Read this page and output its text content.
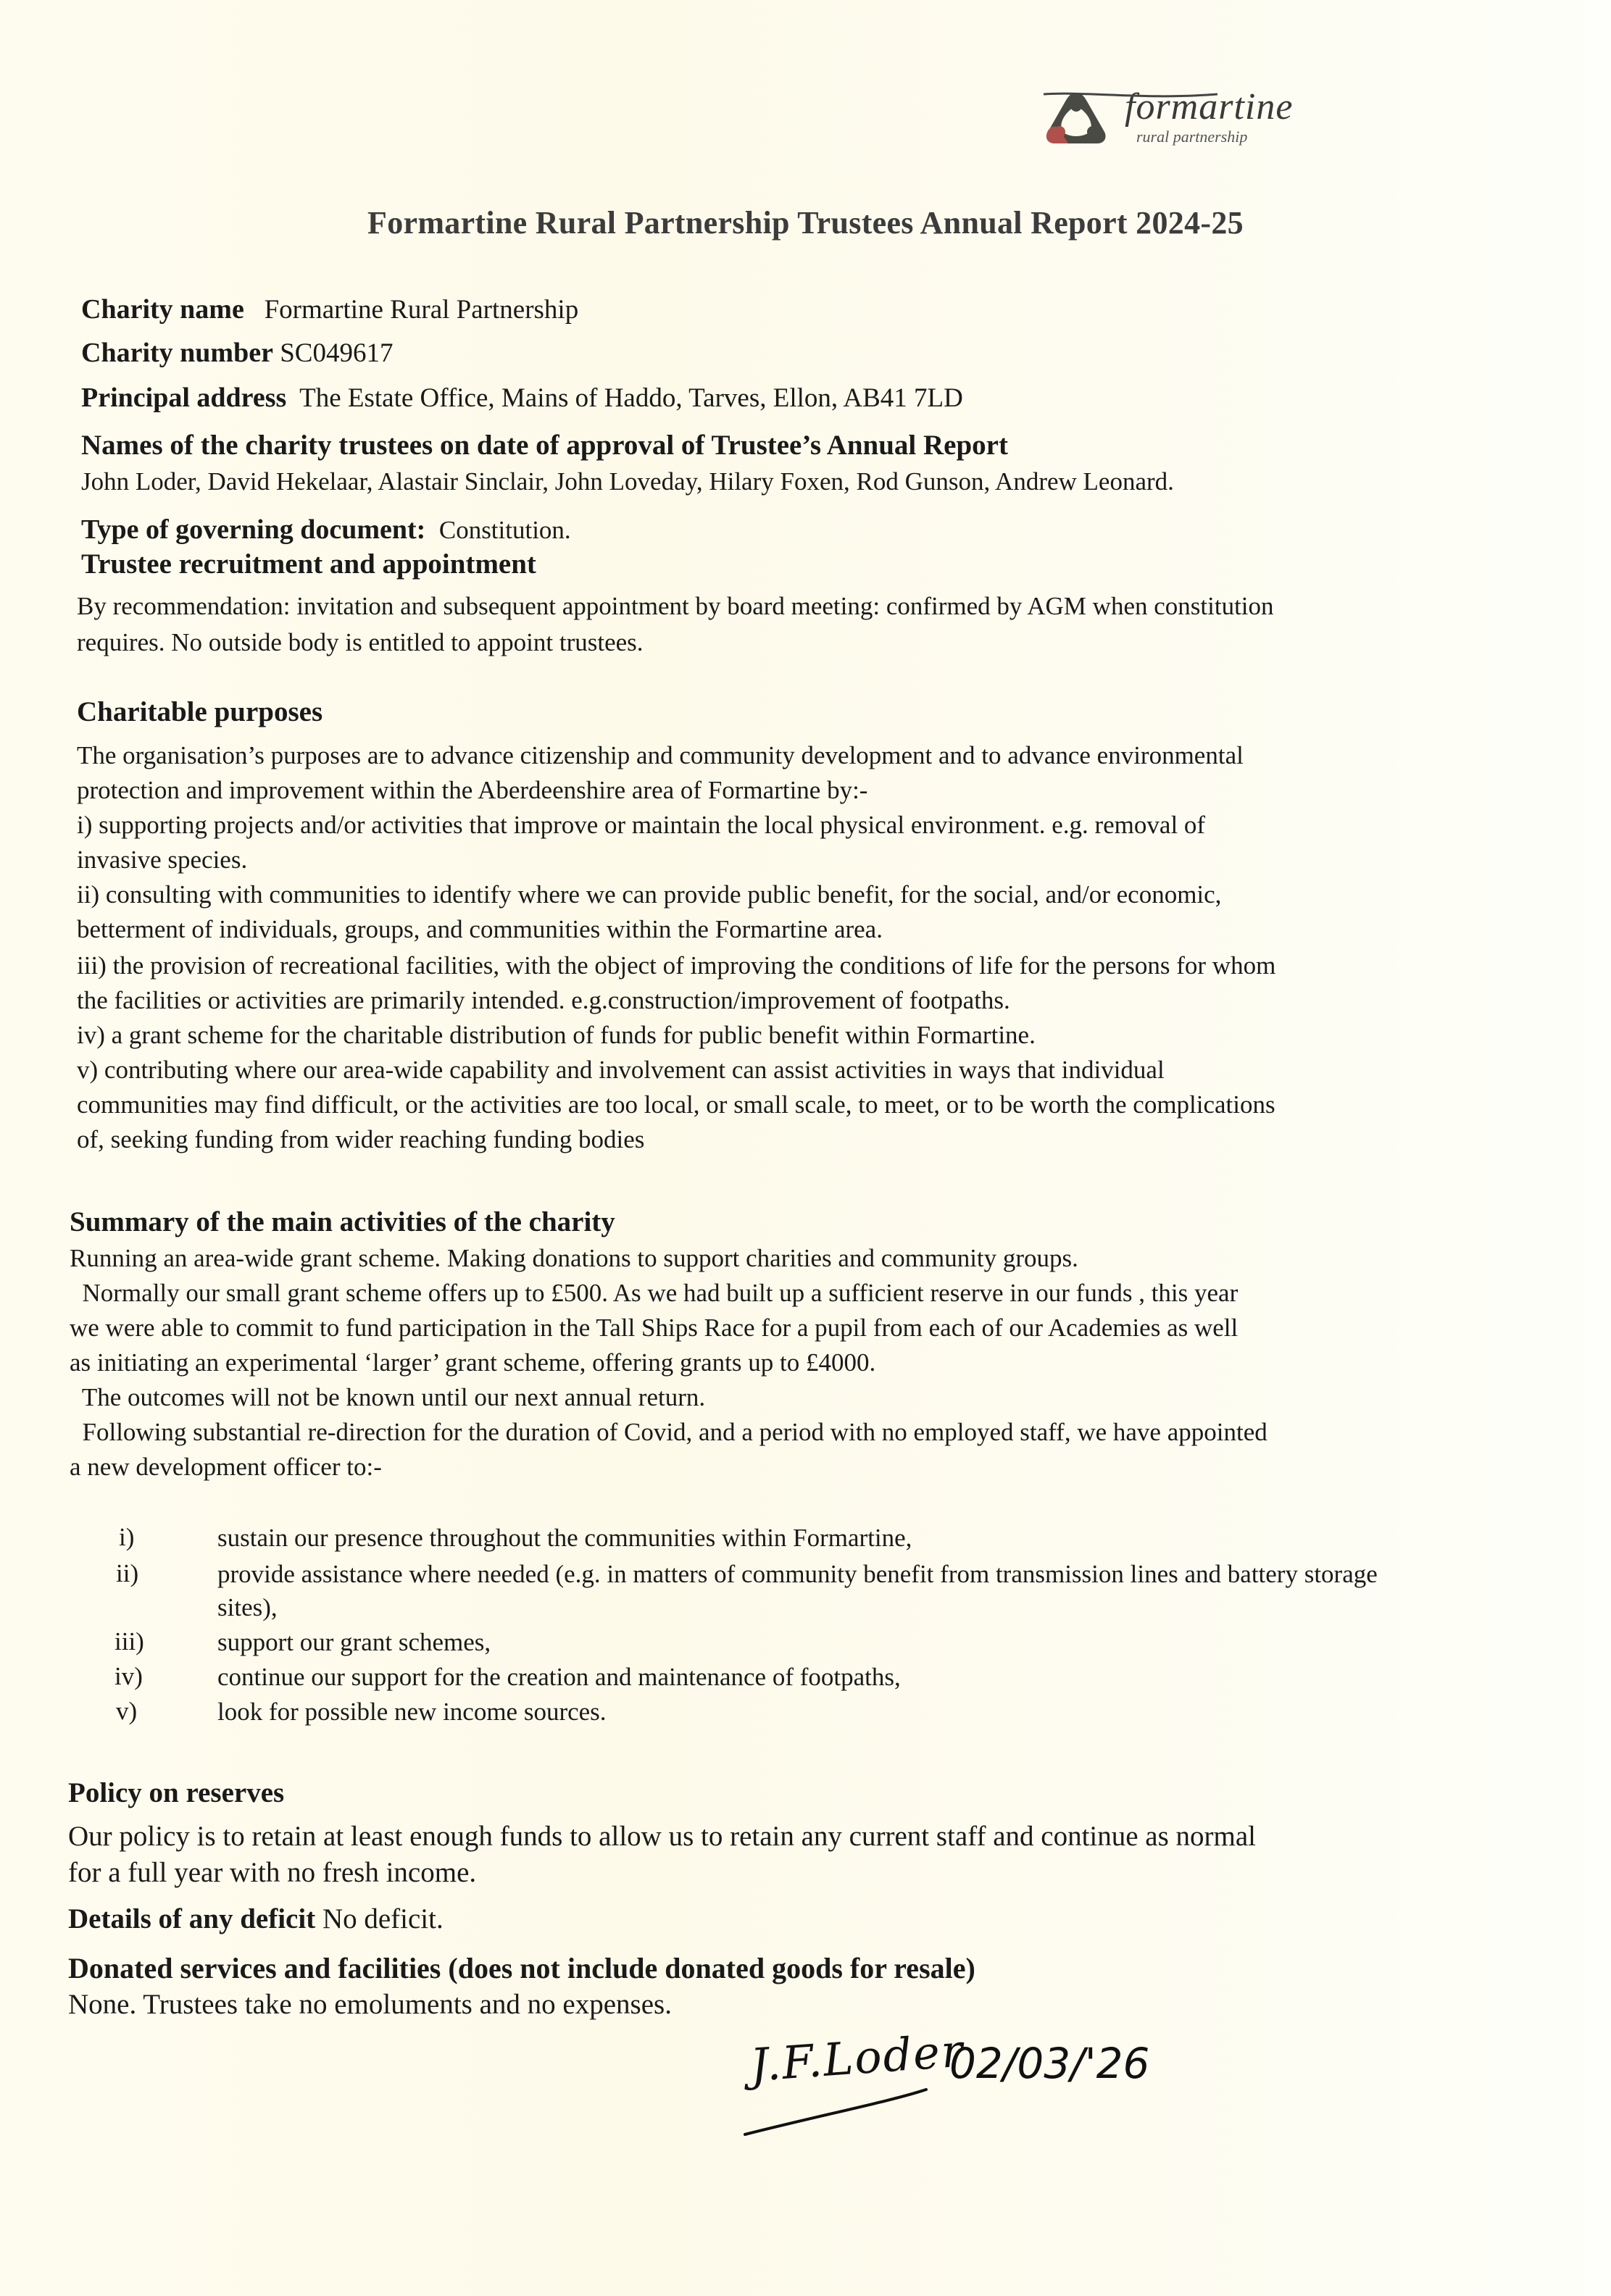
formartine
rural partnership
Formartine Rural Partnership Trustees Annual Report 2024-25
Charity name Formartine Rural Partnership
Charity number SC049617
Principal address The Estate Office, Mains of Haddo, Tarves, Ellon, AB41 7LD
Names of the charity trustees on date of approval of Trustee’s Annual Report
John Loder, David Hekelaar, Alastair Sinclair, John Loveday, Hilary Foxen, Rod Gunson, Andrew Leonard.
Type of governing document: Constitution.
Trustee recruitment and appointment
By recommendation: invitation and subsequent appointment by board meeting: confirmed by AGM when constitution
requires. No outside body is entitled to appoint trustees.
Charitable purposes
The organisation’s purposes are to advance citizenship and community development and to advance environmental
protection and improvement within the Aberdeenshire area of Formartine by:-
i) supporting projects and/or activities that improve or maintain the local physical environment. e.g. removal of
invasive species.
ii) consulting with communities to identify where we can provide public benefit, for the social, and/or economic,
betterment of individuals, groups, and communities within the Formartine area.
iii) the provision of recreational facilities, with the object of improving the conditions of life for the persons for whom
the facilities or activities are primarily intended. e.g.construction/improvement of footpaths.
iv) a grant scheme for the charitable distribution of funds for public benefit within Formartine.
v) contributing where our area-wide capability and involvement can assist activities in ways that individual
communities may find difficult, or the activities are too local, or small scale, to meet, or to be worth the complications
of, seeking funding from wider reaching funding bodies
Summary of the main activities of the charity
Running an area-wide grant scheme. Making donations to support charities and community groups.
Normally our small grant scheme offers up to £500. As we had built up a sufficient reserve in our funds , this year
we were able to commit to fund participation in the Tall Ships Race for a pupil from each of our Academies as well
as initiating an experimental ‘larger’ grant scheme, offering grants up to £4000.
The outcomes will not be known until our next annual return.
Following substantial re-direction for the duration of Covid, and a period with no employed staff, we have appointed
a new development officer to:-
i)	sustain our presence throughout the communities within Formartine,
ii)	provide assistance where needed (e.g. in matters of community benefit from transmission lines and battery storage sites),
iii)	support our grant schemes,
iv)	continue our support for the creation and maintenance of footpaths,
v)	look for possible new income sources.
Policy on reserves
Our policy is to retain at least enough funds to allow us to retain any current staff and continue as normal
for a full year with no fresh income.
Details of any deficit No deficit.
Donated services and facilities (does not include donated goods for resale)
None. Trustees take no emoluments and no expenses.
J.F.Loder
02/03/'26
